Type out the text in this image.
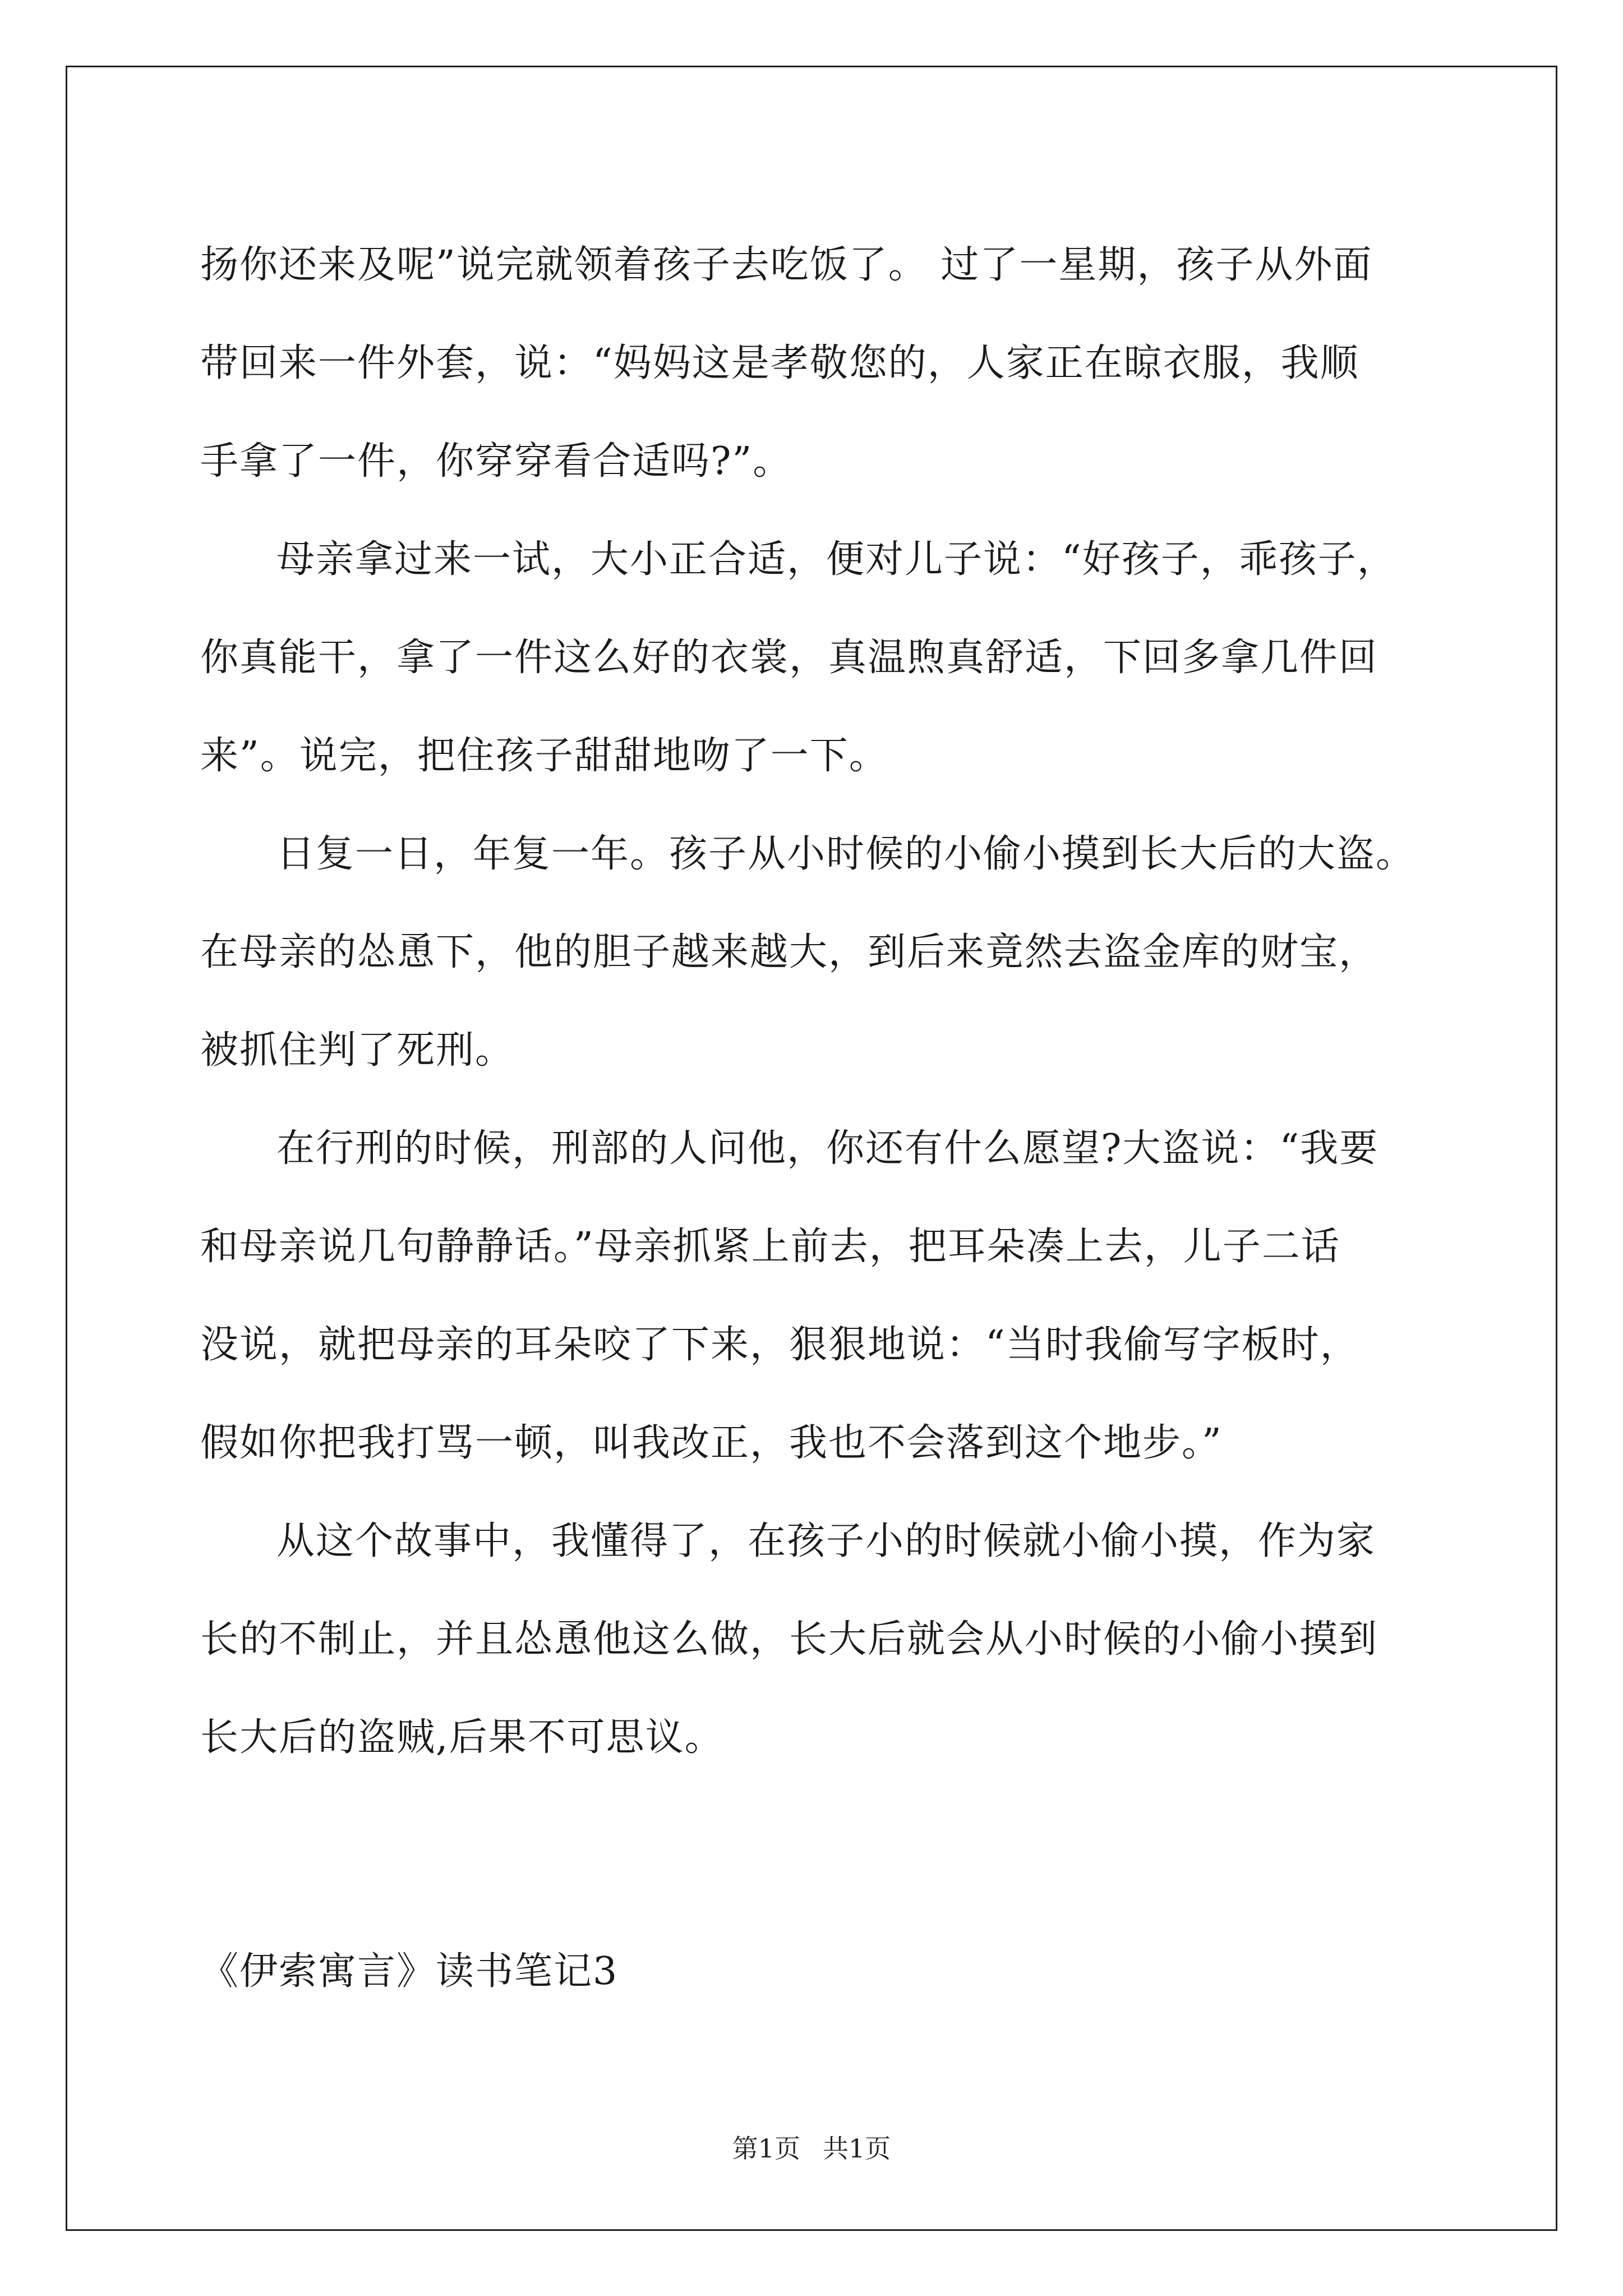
扬你还来及呢”说完就领着孩子去吃饭了。 过了一星期，孩子从外面
带回来一件外套，说：“妈妈这是孝敬您的，人家正在晾衣服，我顺
手拿了一件，你穿穿看合适吗?”。
母亲拿过来一试，大小正合适，便对儿子说：“好孩子，乖孩子，
你真能干，拿了一件这么好的衣裳，真温煦真舒适，下回多拿几件回
来”。说完，把住孩子甜甜地吻了一下。
日复一日，年复一年。孩子从小时候的小偷小摸到长大后的大盗。
在母亲的怂恿下，他的胆子越来越大，到后来竟然去盗金库的财宝，
被抓住判了死刑。
在行刑的时候，刑部的人问他，你还有什么愿望?大盗说：“我要
和母亲说几句静静话。”母亲抓紧上前去，把耳朵凑上去，儿子二话
没说，就把母亲的耳朵咬了下来，狠狠地说：“当时我偷写字板时，
假如你把我打骂一顿，叫我改正，我也不会落到这个地步。”
从这个故事中，我懂得了，在孩子小的时候就小偷小摸，作为家
长的不制止，并且怂恿他这么做，长大后就会从小时候的小偷小摸到
长大后的盗贼,后果不可思议。
《伊索寓言》读书笔记3
第1页 共1页
